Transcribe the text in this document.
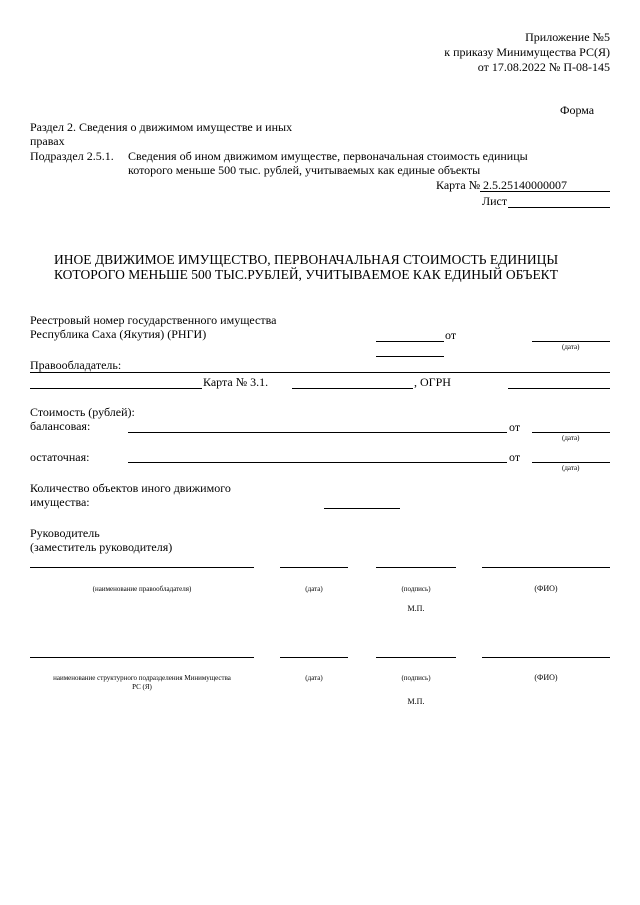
Приложение №5
к приказу Минимущества РС(Я)
от 17.08.2022 № П-08-145
Форма
Раздел 2. Сведения о движимом имуществе и иных
правах
Подраздел 2.5.1. Сведения об ином движимом имуществе, первоначальная стоимость единицы
которого меньше 500 тыс. рублей, учитываемых как единые объекты
Карта № 2.5.25140000007
Лист
ИНОЕ ДВИЖИМОЕ ИМУЩЕСТВО, ПЕРВОНАЧАЛЬНАЯ СТОИМОСТЬ ЕДИНИЦЫ
КОТОРОГО МЕНЬШЕ 500 ТЫС.РУБЛЕЙ, УЧИТЫВАЕМОЕ КАК ЕДИНЫЙ ОБЪЕКТ
Реестровый номер государственного имущества
Республика Саха (Якутия) (РНГИ)	от
(дата)
Правообладатель:
Карта № 3.1.	, ОГРН
Стоимость (рублей):
балансовая:	от
(дата)
остаточная:	от
(дата)
Количество объектов иного движимого
имущества:
Руководитель
(заместитель руководителя)
(наименование правообладателя)	(дата)	(подпись)	(ФИО)
М.П.
наименование структурного подразделения Минимущества
РС (Я)
(дата)	(подпись)	(ФИО)
М.П.
